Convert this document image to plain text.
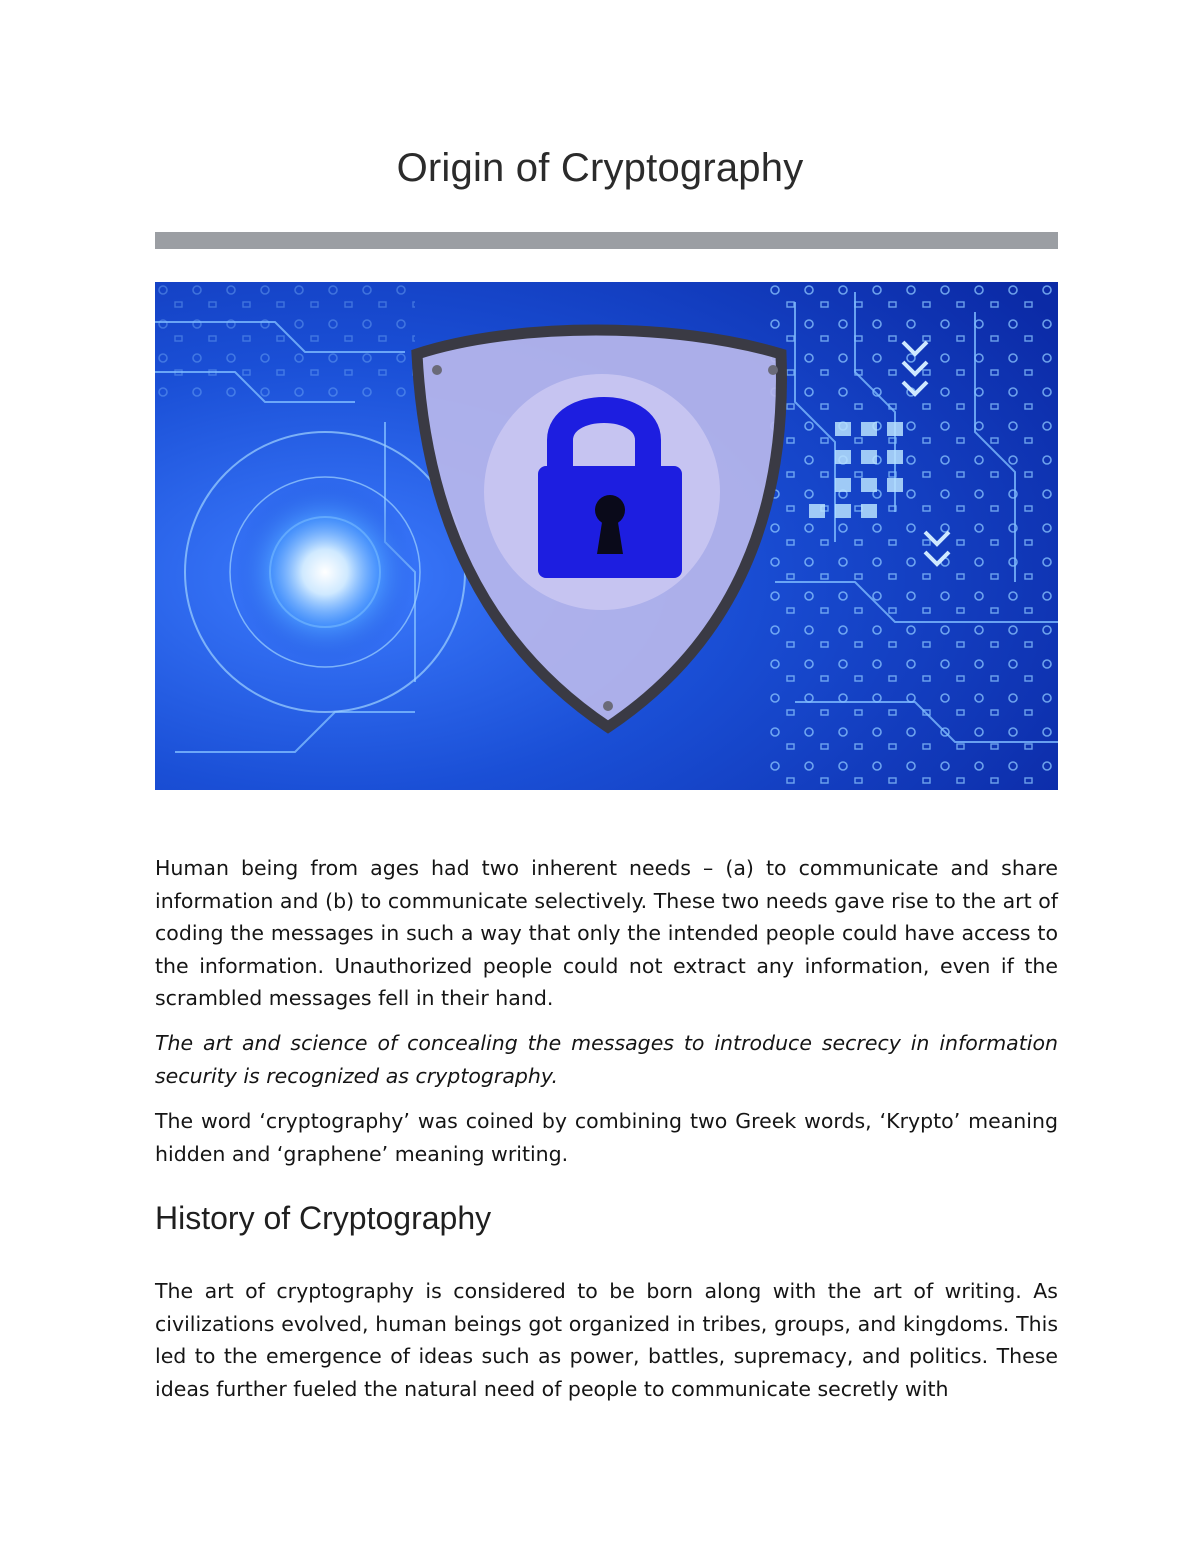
Origin of Cryptography

Human being from ages had two inherent needs – (a) to communicate and share information and (b) to communicate selectively. These two needs gave rise to the art of coding the messages in such a way that only the intended people could have access to the information. Unauthorized people could not extract any information, even if the scrambled messages fell in their hand.

The art and science of concealing the messages to introduce secrecy in information security is recognized as cryptography.

The word ‘cryptography’ was coined by combining two Greek words, ‘Krypto’ meaning hidden and ‘graphene’ meaning writing.

History of Cryptography

The art of cryptography is considered to be born along with the art of writing. As civilizations evolved, human beings got organized in tribes, groups, and kingdoms. This led to the emergence of ideas such as power, battles, supremacy, and politics. These ideas further fueled the natural need of people to communicate secretly with
